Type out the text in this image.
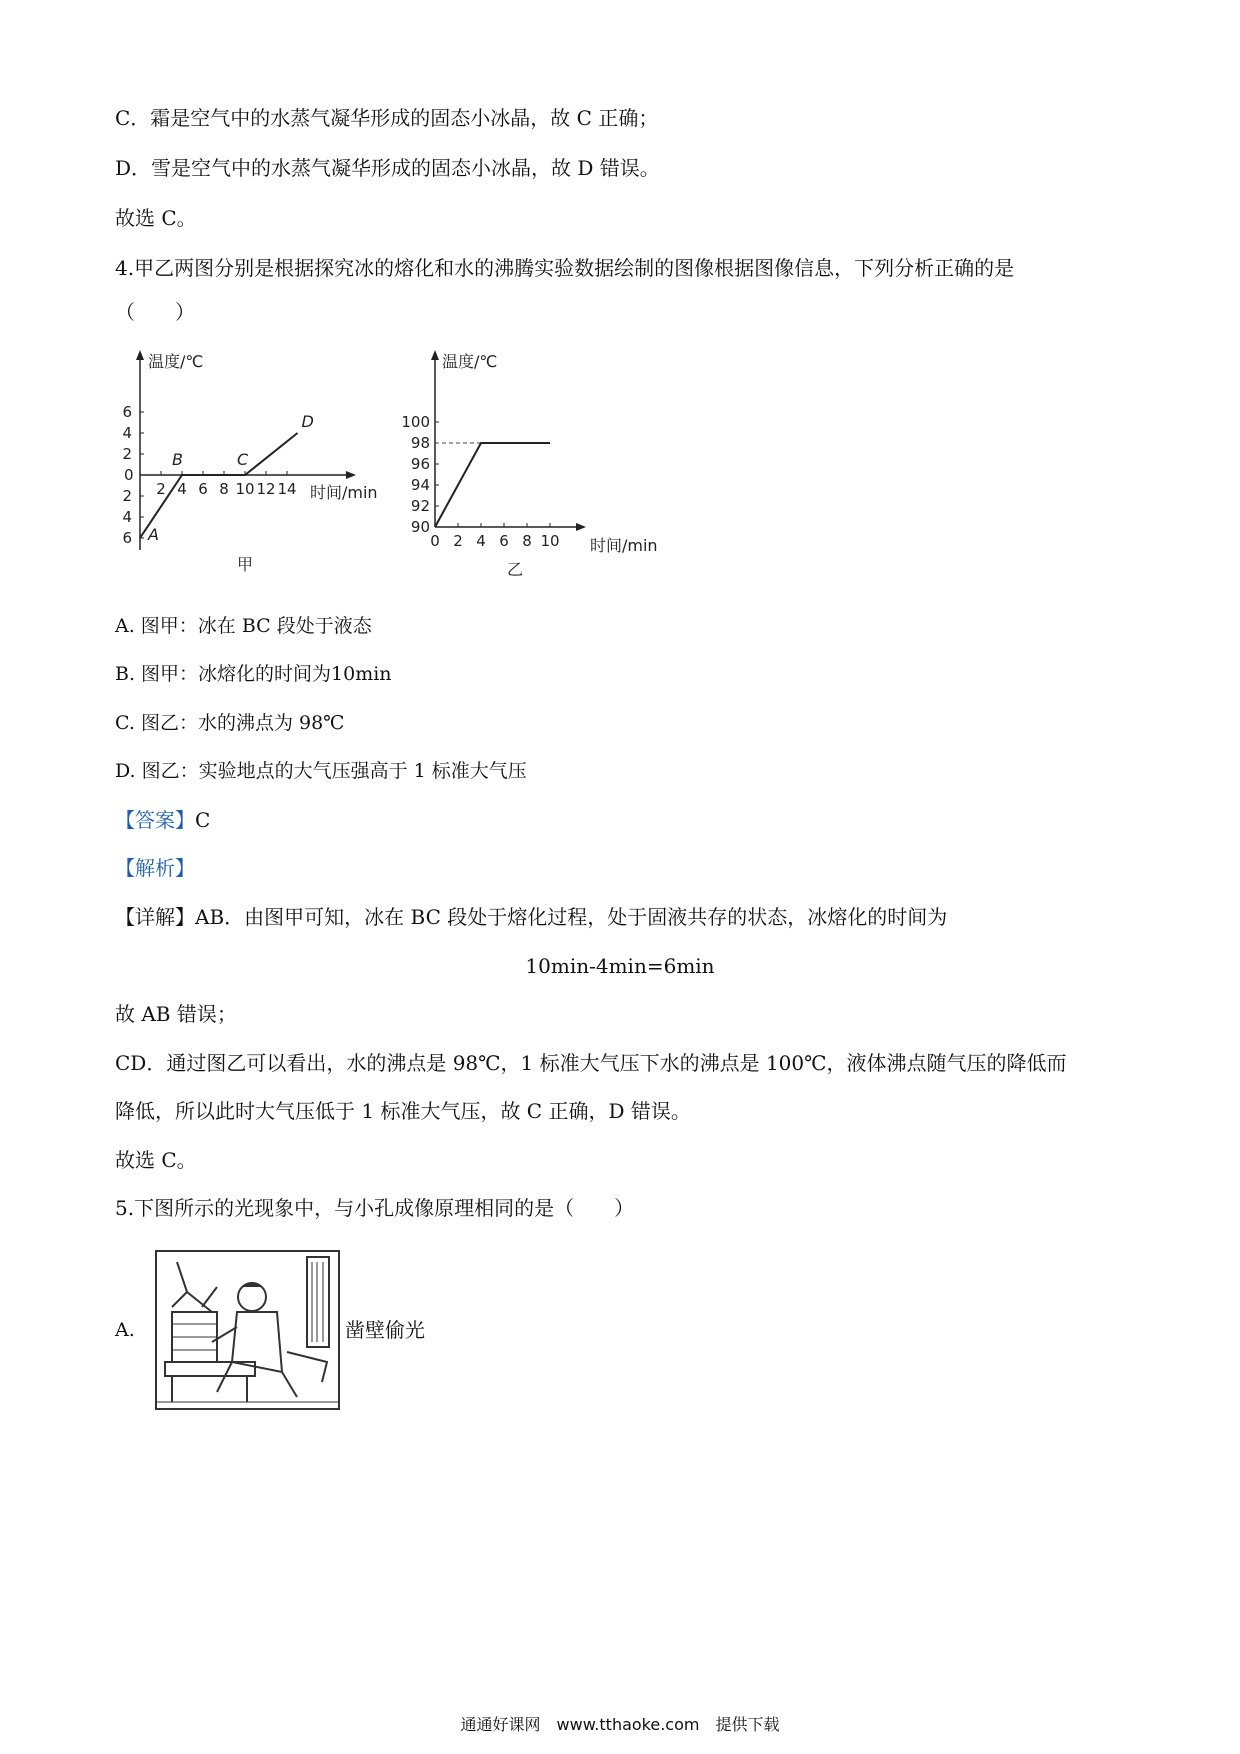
C．霜是空气中的水蒸气凝华形成的固态小冰晶，故 C 正确；
D．雪是空气中的水蒸气凝华形成的固态小冰晶，故 D 错误。
故选 C。
4.甲乙两图分别是根据探究冰的熔化和水的沸腾实验数据绘制的图像根据图像信息，下列分析正确的是
（　　）
温度/℃
时间/min
0
2 4 6 8 10 12 14
2
4
6
2
4
6 A
B	C
D
甲
0 2 4 6 8 10
90
92
94
96
98
100
温度/℃
时间/min
乙
A. 图甲：冰在 BC 段处于液态
B. 图甲：冰熔化的时间为10min
C. 图乙：水的沸点为 98℃
D. 图乙：实验地点的大气压强高于 1 标准大气压
【答案】C
【解析】
【详解】AB．由图甲可知，冰在 BC 段处于熔化过程，处于固液共存的状态，冰熔化的时间为
10min-4min=6min
故 AB 错误；
CD．通过图乙可以看出，水的沸点是 98℃，1 标准大气压下水的沸点是 100℃，液体沸点随气压的降低而
降低，所以此时大气压低于 1 标准大气压，故 C 正确，D 错误。
故选 C。
5.下图所示的光现象中，与小孔成像原理相同的是（　　）
A.	凿壁偷光
通通好课网　www.tthaoke.com　提供下载
